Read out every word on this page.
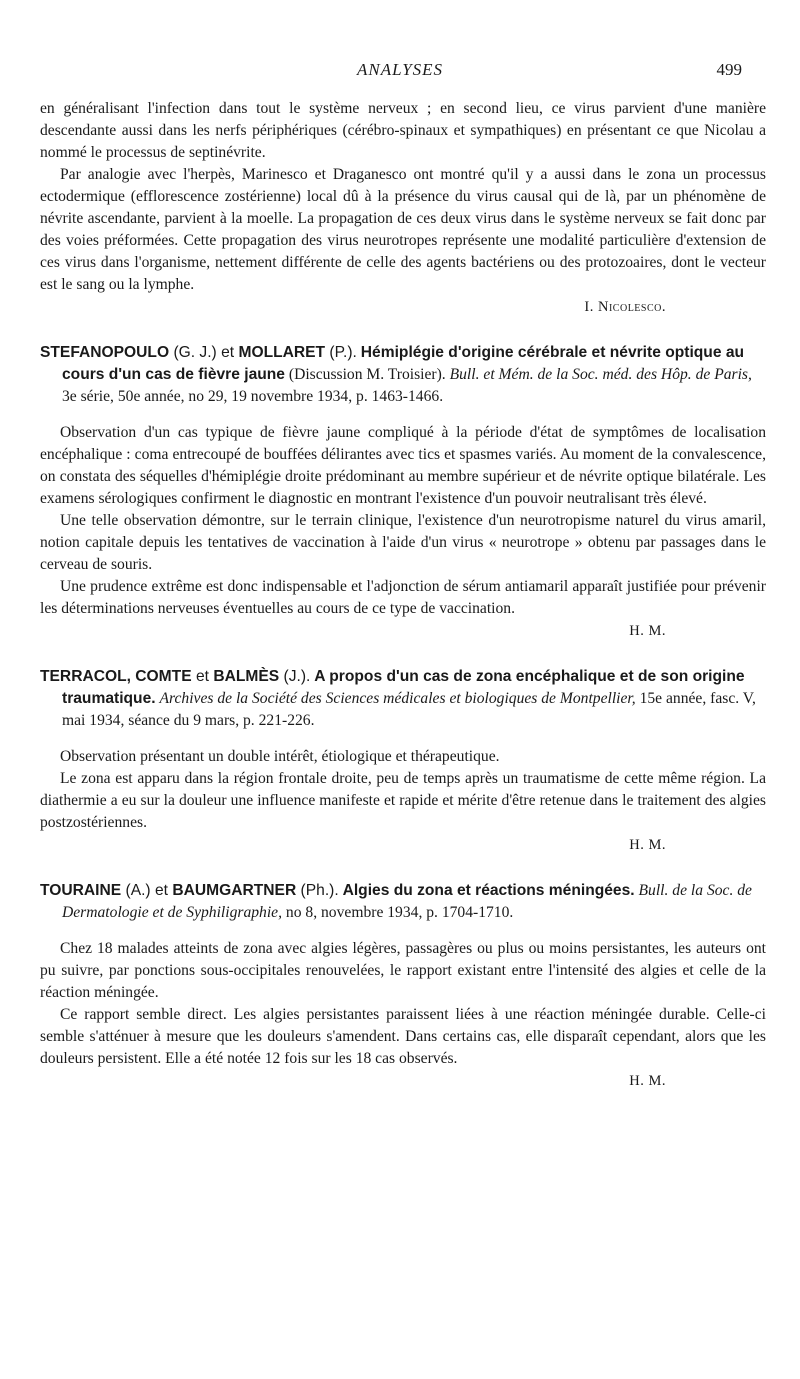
ANALYSES	499

en généralisant l'infection dans tout le système nerveux ; en second lieu, ce virus parvient d'une manière descendante aussi dans les nerfs périphériques (cérébro-spinaux et sympathiques) en présentant ce que Nicolau a nommé le processus de septinévrite.

Par analogie avec l'herpès, Marinesco et Draganesco ont montré qu'il y a aussi dans le zona un processus ectodermique (efflorescence zostérienne) local dû à la présence du virus causal qui de là, par un phénomène de névrite ascendante, parvient à la moelle. La propagation de ces deux virus dans le système nerveux se fait donc par des voies préformées. Cette propagation des virus neurotropes représente une modalité particulière d'extension de ces virus dans l'organisme, nettement différente de celle des agents bactériens ou des protozoaires, dont le vecteur est le sang ou la lymphe.

I. Nicolesco.
STEFANOPOULO (G. J.) et MOLLARET (P.). Hémiplégie d'origine cérébrale et névrite optique au cours d'un cas de fièvre jaune (Discussion M. Troisier). Bull. et Mém. de la Soc. méd. des Hôp. de Paris, 3e série, 50e année, no 29, 19 novembre 1934, p. 1463-1466.

Observation d'un cas typique de fièvre jaune compliqué à la période d'état de symptômes de localisation encéphalique : coma entrecoupé de bouffées délirantes avec tics et spasmes variés. Au moment de la convalescence, on constata des séquelles d'hémiplégie droite prédominant au membre supérieur et de névrite optique bilatérale. Les examens sérologiques confirment le diagnostic en montrant l'existence d'un pouvoir neutralisant très élevé.

Une telle observation démontre, sur le terrain clinique, l'existence d'un neurotropisme naturel du virus amaril, notion capitale depuis les tentatives de vaccination à l'aide d'un virus « neurotrope » obtenu par passages dans le cerveau de souris.

Une prudence extrême est donc indispensable et l'adjonction de sérum antiamaril apparaît justifiée pour prévenir les déterminations nerveuses éventuelles au cours de ce type de vaccination.

H. M.
TERRACOL, COMTE et BALMÈS (J.). A propos d'un cas de zona encéphalique et de son origine traumatique. Archives de la Société des Sciences médicales et biologiques de Montpellier, 15e année, fasc. V, mai 1934, séance du 9 mars, p. 221-226.

Observation présentant un double intérêt, étiologique et thérapeutique.

Le zona est apparu dans la région frontale droite, peu de temps après un traumatisme de cette même région. La diathermie a eu sur la douleur une influence manifeste et rapide et mérite d'être retenue dans le traitement des algies postzostériennes.

H. M.
TOURAINE (A.) et BAUMGARTNER (Ph.). Algies du zona et réactions méningées. Bull. de la Soc. de Dermatologie et de Syphiligraphie, no 8, novembre 1934, p. 1704-1710.

Chez 18 malades atteints de zona avec algies légères, passagères ou plus ou moins persistantes, les auteurs ont pu suivre, par ponctions sous-occipitales renouvelées, le rapport existant entre l'intensité des algies et celle de la réaction méningée.

Ce rapport semble direct. Les algies persistantes paraissent liées à une réaction méningée durable. Celle-ci semble s'atténuer à mesure que les douleurs s'amendent. Dans certains cas, elle disparaît cependant, alors que les douleurs persistent. Elle a été notée 12 fois sur les 18 cas observés.

H. M.
